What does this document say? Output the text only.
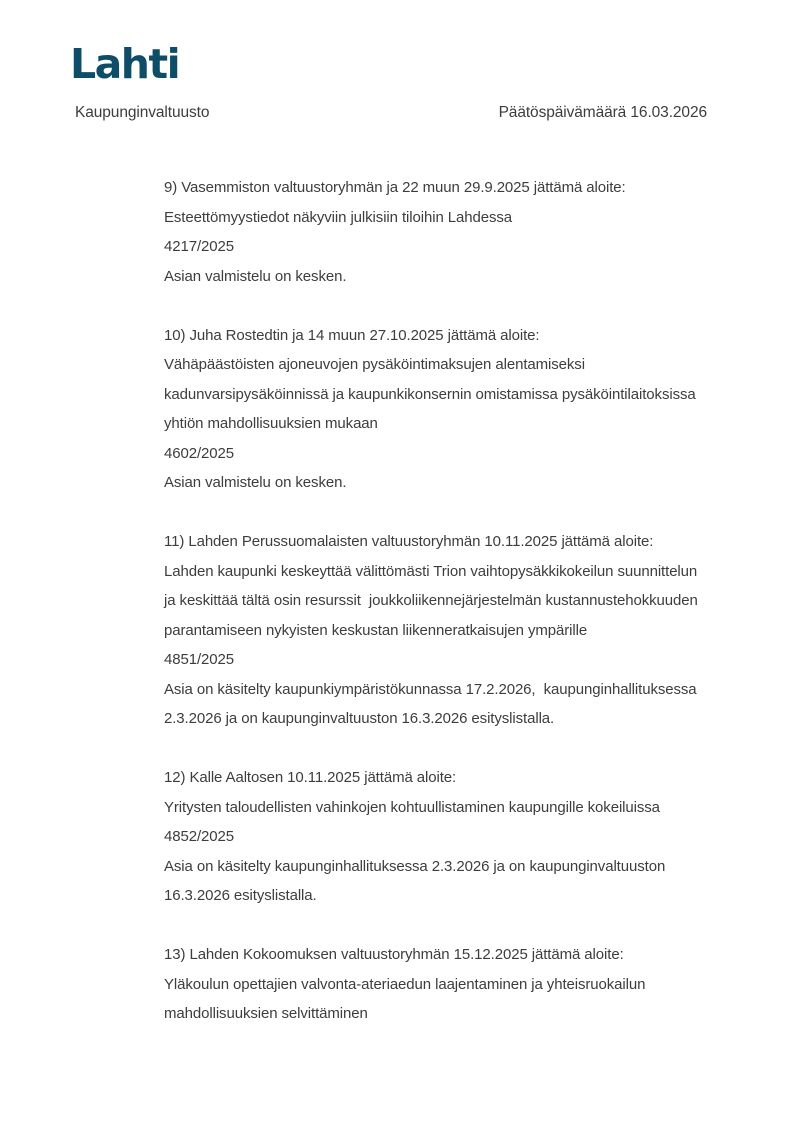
Lahti
Kaupunginvaltuusto	Päätöspäivämäärä 16.03.2026
9) Vasemmiston valtuustoryhmän ja 22 muun 29.9.2025 jättämä aloite:
Esteettömyystiedot näkyviin julkisiin tiloihin Lahdessa
4217/2025
Asian valmistelu on kesken.
10) Juha Rostedtin ja 14 muun 27.10.2025 jättämä aloite:
Vähäpäästöisten ajoneuvojen pysäköintimaksujen alentamiseksi
kadunvarsipysäköinnissä ja kaupunkikonsernin omistamissa pysäköintilaitoksissa
yhtiön mahdollisuuksien mukaan
4602/2025
Asian valmistelu on kesken.
11) Lahden Perussuomalaisten valtuustoryhmän 10.11.2025 jättämä aloite:
Lahden kaupunki keskeyttää välittömästi Trion vaihtopysäkkikokeilun suunnittelun
ja keskittää tältä osin resurssit  joukkoliikennejärjestelmän kustannustehokkuuden
parantamiseen nykyisten keskustan liikenneratkaisujen ympärille
4851/2025
Asia on käsitelty kaupunkiympäristökunnassa 17.2.2026,  kaupunginhallituksessa
2.3.2026 ja on kaupunginvaltuuston 16.3.2026 esityslistalla.
12) Kalle Aaltosen 10.11.2025 jättämä aloite:
Yritysten taloudellisten vahinkojen kohtuullistaminen kaupungille kokeiluissa
4852/2025
Asia on käsitelty kaupunginhallituksessa 2.3.2026 ja on kaupunginvaltuuston
16.3.2026 esityslistalla.
13) Lahden Kokoomuksen valtuustoryhmän 15.12.2025 jättämä aloite:
Yläkoulun opettajien valvonta-ateriaedun laajentaminen ja yhteisruokailun
mahdollisuuksien selvittäminen
